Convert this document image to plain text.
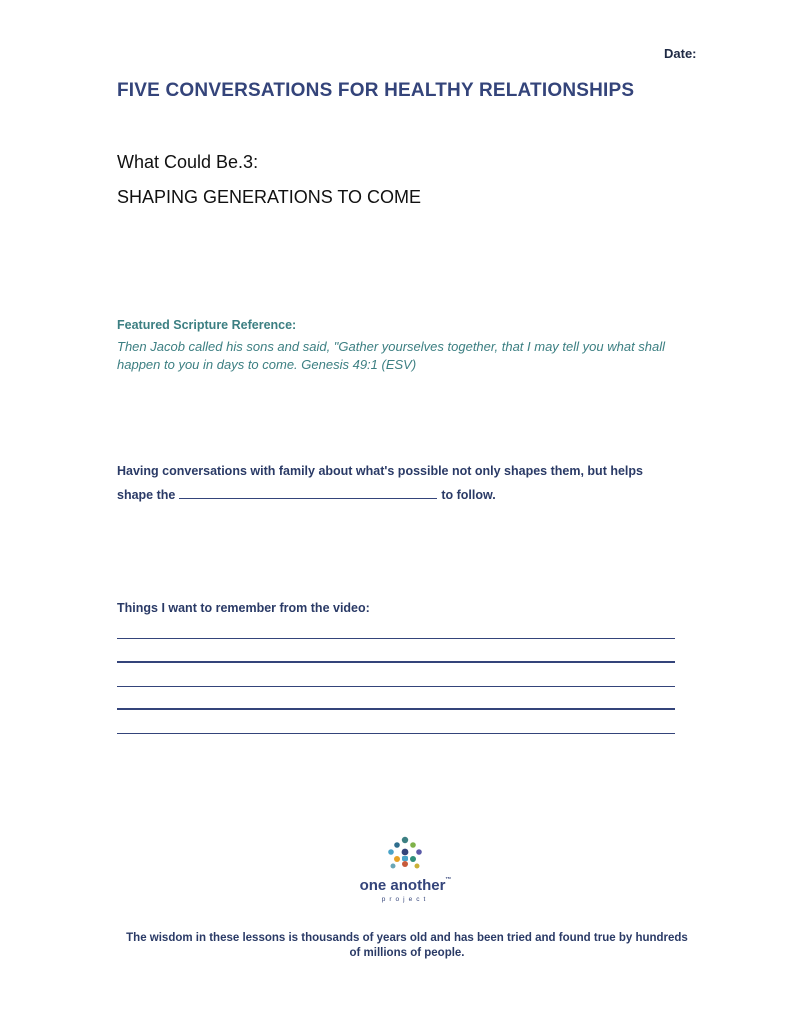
Date:
FIVE CONVERSATIONS FOR HEALTHY RELATIONSHIPS
What Could Be.3:
SHAPING GENERATIONS TO COME
Featured Scripture Reference:
Then Jacob called his sons and said, "Gather yourselves together, that I may tell you what shall happen to you in days to come. Genesis 49:1 (ESV)
Having conversations with family about what's possible not only shapes them, but helps
shape the	to follow.
Things I want to remember from the video:
one another™
project
The wisdom in these lessons is thousands of years old and has been tried and found true by hundreds of millions of people.
